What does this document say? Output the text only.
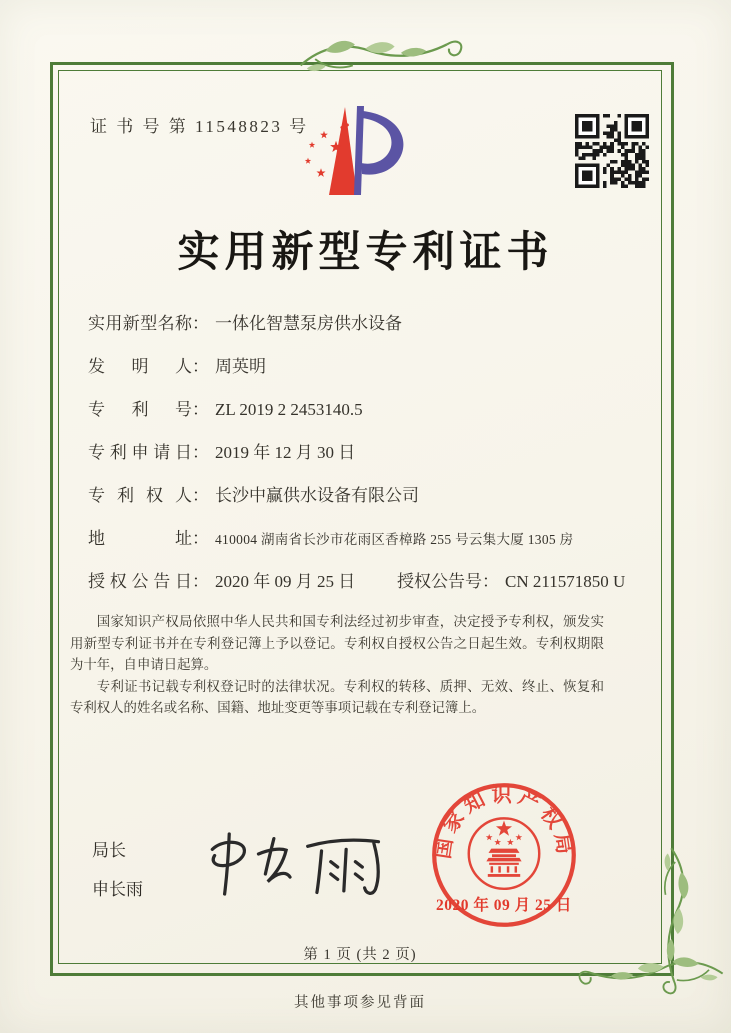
证 书 号 第 11548823 号
实用新型专利证书
实用新型名称： 一体化智慧泵房供水设备
发明人： 周英明
专利号： ZL 2019 2 2453140.5
专利申请日： 2019 年 12 月 30 日
专利权人： 长沙中赢供水设备有限公司
地址： 410004 湖南省长沙市花雨区香樟路 255 号云集大厦 1305 房
授权公告日： 2020 年 09 月 25 日	授权公告号： CN 211571850 U

国家知识产权局依照中华人民共和国专利法经过初步审查，决定授予专利权，颁发实用新型专利证书并在专利登记簿上予以登记。专利权自授权公告之日起生效。专利权期限为十年，自申请日起算。

专利证书记载专利权登记时的法律状况。专利权的转移、质押、无效、终止、恢复和专利权人的姓名或名称、国籍、地址变更等事项记载在专利登记簿上。

局长
申长雨
国家知识产权局
2020 年 09 月 25 日
第 1 页 (共 2 页)
其他事项参见背面
